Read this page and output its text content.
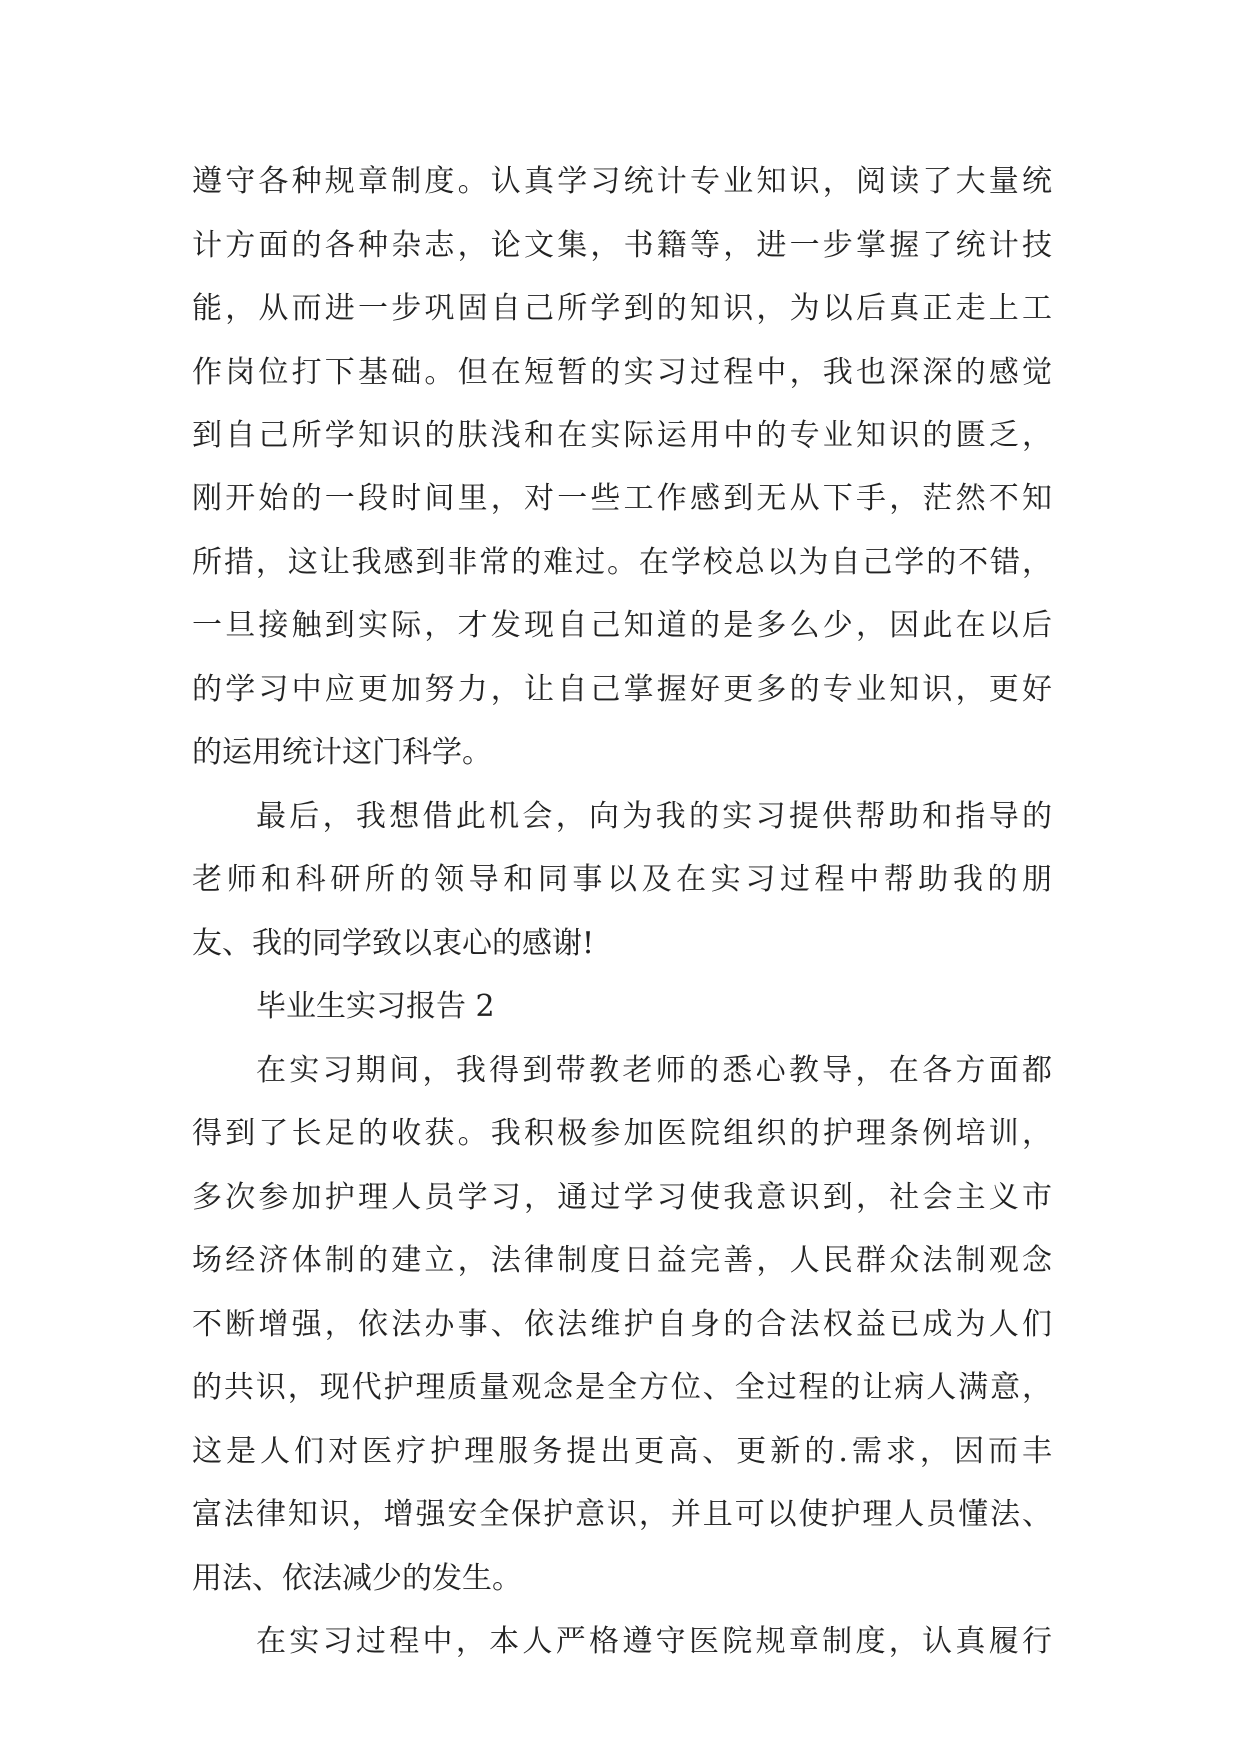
遵守各种规章制度。认真学习统计专业知识，阅读了大量统
计方面的各种杂志，论文集，书籍等，进一步掌握了统计技
能，从而进一步巩固自己所学到的知识，为以后真正走上工
作岗位打下基础。但在短暂的实习过程中，我也深深的感觉
到自己所学知识的肤浅和在实际运用中的专业知识的匮乏，
刚开始的一段时间里，对一些工作感到无从下手，茫然不知
所措，这让我感到非常的难过。在学校总以为自己学的不错，
一旦接触到实际，才发现自己知道的是多么少，因此在以后
的学习中应更加努力，让自己掌握好更多的专业知识，更好
的运用统计这门科学。
最后，我想借此机会，向为我的实习提供帮助和指导的
老师和科研所的领导和同事以及在实习过程中帮助我的朋
友、我的同学致以衷心的感谢!
毕业生实习报告 2
在实习期间，我得到带教老师的悉心教导，在各方面都
得到了长足的收获。我积极参加医院组织的护理条例培训，
多次参加护理人员学习，通过学习使我意识到，社会主义市
场经济体制的建立，法律制度日益完善，人民群众法制观念
不断增强，依法办事、依法维护自身的合法权益已成为人们
的共识，现代护理质量观念是全方位、全过程的让病人满意，
这是人们对医疗护理服务提出更高、更新的.需求，因而丰
富法律知识，增强安全保护意识，并且可以使护理人员懂法、
用法、依法减少的发生。
在实习过程中，本人严格遵守医院规章制度，认真履行
